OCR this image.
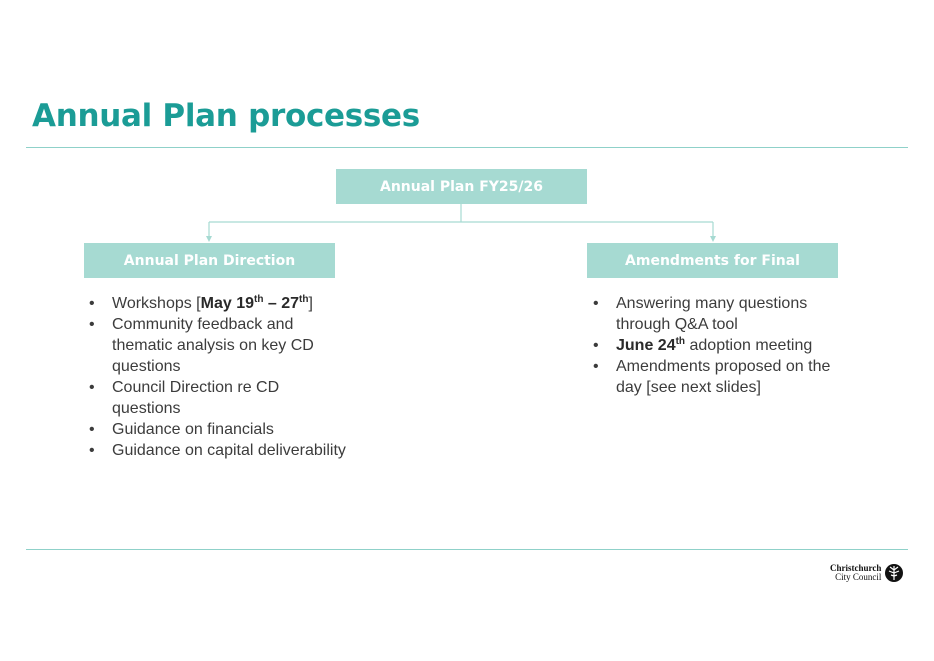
Annual Plan processes
Annual Plan FY25/26
Annual Plan Direction	Amendments for Final
• Workshops [May 19th – 27th]
• Community feedback and thematic analysis on key CD questions
• Council Direction re CD questions
• Guidance on financials
• Guidance on capital deliverability
• Answering many questions through Q&A tool
• June 24th adoption meeting
• Amendments proposed on the day [see next slides]
Christchurch
City Council
